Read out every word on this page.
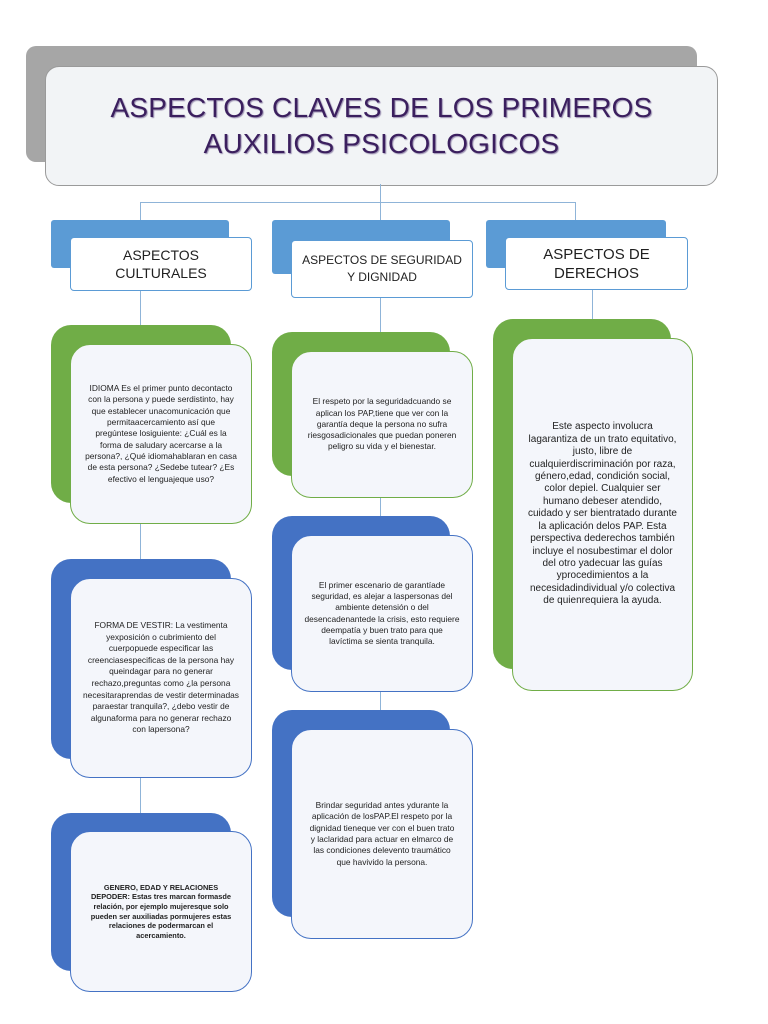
ASPECTOS CLAVES DE LOS PRIMEROS AUXILIOS PSICOLOGICOS
ASPECTOS CULTURALES
ASPECTOS DE SEGURIDAD Y DIGNIDAD
ASPECTOS DE DERECHOS
IDIOMA Es el primer punto decontacto con la persona y puede serdistinto, hay que establecer unacomunicación que permitaacercamiento así que pregúntese losiguiente: ¿Cuál es la forma de saludary acercarse a la persona?, ¿Qué idiomahablaran en casa de esta persona? ¿Sedebe tutear? ¿Es efectivo el lenguajeque uso?
FORMA DE VESTIR: La vestimenta yexposición o cubrimiento del cuerpopuede especificar las creenciasespecificas de la persona hay queindagar para no generar rechazo,preguntas como ¿la persona necesitaraprendas de vestir determinadas paraestar tranquila?, ¿debo vestir de algunaforma para no generar rechazo con lapersona?
GENERO, EDAD Y RELACIONES DEPODER: Estas tres marcan formasde relación, por ejemplo mujeresque solo pueden ser auxiliadas pormujeres estas relaciones de podermarcan el acercamiento.
El respeto por la seguridadcuando se aplican los PAP,tiene que ver con la garantía deque la persona no sufra riesgosadicionales que puedan poneren peligro su vida y el bienestar.
El primer escenario de garantíade seguridad, es alejar a laspersonas del ambiente detensión o del desencadenantede la crisis, esto requiere deempatía y buen trato para que lavíctima se sienta tranquila.
Brindar seguridad antes ydurante la aplicación de losPAP.El respeto por la dignidad tieneque ver con el buen trato y laclaridad para actuar en elmarco de las condiciones delevento traumático que havivido la persona.
Este aspecto involucra lagarantiza de un trato equitativo, justo, libre de cualquierdiscriminación por raza, género,edad, condición social, color depiel. Cualquier ser humano debeser atendido, cuidado y ser bientratado durante la aplicación delos PAP. Esta perspectiva dederechos también incluye el nosubestimar el dolor del otro yadecuar las guías yprocedimientos a la necesidadindividual y/o colectiva de quienrequiera la ayuda.
